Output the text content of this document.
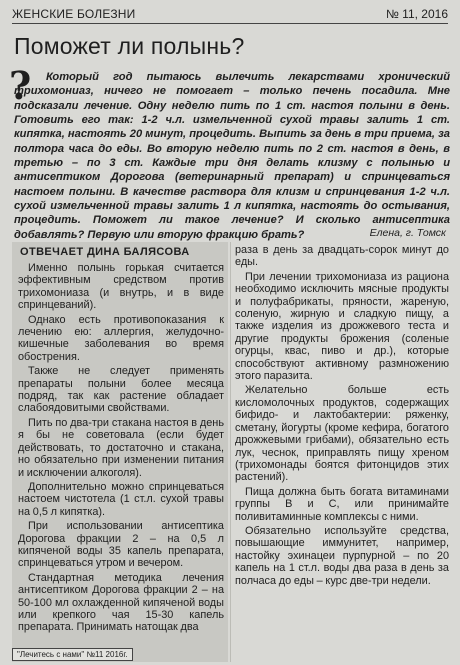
ЖЕНСКИЕ БОЛЕЗНИ	№ 11, 2016
Поможет ли полынь?
?	Который год пытаюсь вылечить лекарствами хронический трихомониаз, ничего не помогает – только печень посадила. Мне подсказали лечение. Одну неделю пить по 1 ст. настоя полыни в день. Готовить его так: 1-2 ч.л. измельченной сухой травы залить 1 ст. кипятка, настоять 20 минут, процедить. Выпить за день в три приема, за полтора часа до еды. Во вторую неделю пить по 2 ст. настоя в день, в третью – по 3 ст. Каждые три дня делать клизму с полынью и антисептиком Дорогова (ветеринарный препарат) и спринцеваться настоем полыни. В качестве раствора для клизм и спринцевания 1-2 ч.л. сухой измельченной травы залить 1 л кипятка, настоять до остывания, процедить. Поможет ли такое лечение? И сколько антисептика добавлять? Первую или вторую фракцию брать?	Елена, г. Томск
ОТВЕЧАЕТ ДИНА БАЛЯСОВА

Именно полынь горькая считается эффективным средством против трихомониаза (и внутрь, и в виде спринцеваний).

Однако есть противопоказания к лечению ею: аллергия, желудочно-кишечные заболевания во время обострения.

Также не следует применять препараты полыни более месяца подряд, так как растение обладает слабоядовитыми свойствами.

Пить по два-три стакана настоя в день я бы не советовала (если будет действовать, то достаточно и стакана, но обязательно при изменении питания и исключении алкоголя).

Дополнительно можно спринцеваться настоем чистотела (1 ст.л. сухой травы на 0,5 л кипятка).

При использовании антисептика Дорогова фракции 2 – на 0,5 л кипяченой воды 35 капель препарата, спринцеваться утром и вечером.

Стандартная методика лечения антисептиком Дорогова фракции 2 – на 50-100 мл охлажденной кипяченой воды или крепкого чая 15-30 капель препарата. Принимать натощак два

раза в день за двадцать-сорок минут до еды.

При лечении трихомониаза из рациона необходимо исключить мясные продукты и полуфабрикаты, пряности, жареную, соленую, жирную и сладкую пищу, а также изделия из дрожжевого теста и другие продукты брожения (соленые огурцы, квас, пиво и др.), которые способствуют активному размножению этого паразита.

Желательно больше есть кисломолочных продуктов, содержащих бифидо- и лактобактерии: ряженку, сметану, йогурты (кроме кефира, богатого дрожжевыми грибами), обязательно есть лук, чеснок, приправлять пищу хреном (трихомонады боятся фитонцидов этих растений).

Пища должна быть богата витаминами группы В и С, или принимайте поливитаминные комплексы с ними.

Обязательно используйте средства, повышающие иммунитет, например, настойку эхинацеи пурпурной – по 20 капель на 1 ст.л. воды два раза в день за полчаса до еды – курс две-три недели.

"Лечитесь с нами" №11 2016г.
